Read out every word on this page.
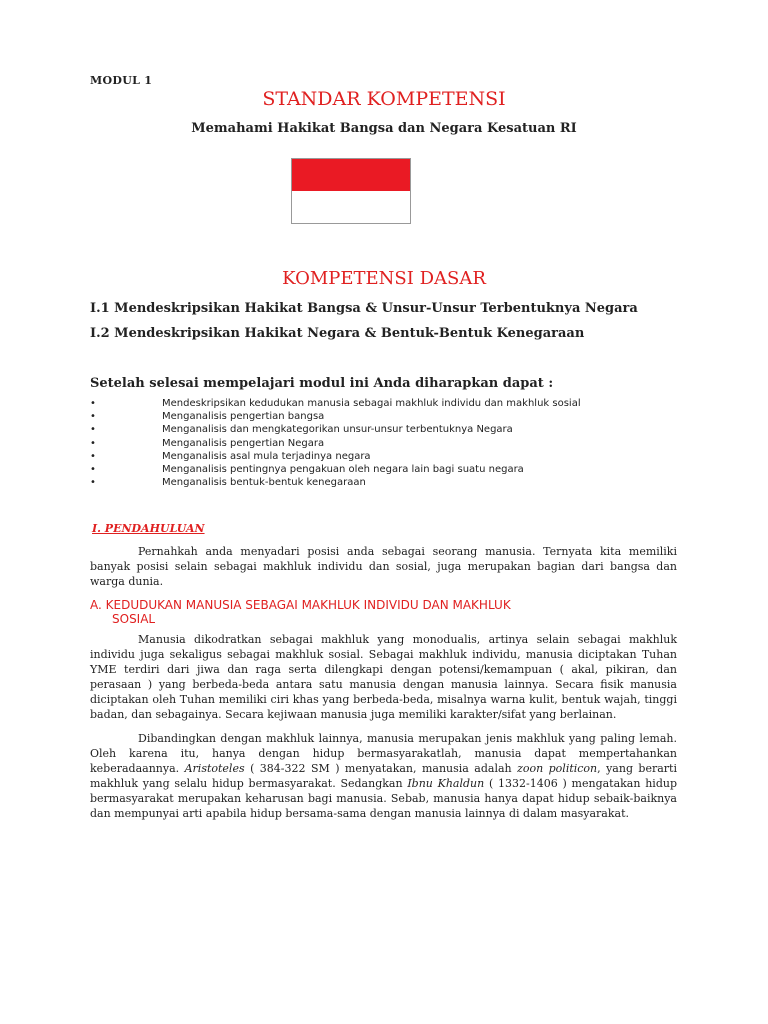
MODUL 1
STANDAR KOMPETENSI
Memahami Hakikat Bangsa dan Negara Kesatuan RI
KOMPETENSI DASAR
I.1 Mendeskripsikan Hakikat Bangsa & Unsur-Unsur Terbentuknya Negara
I.2 Mendeskripsikan Hakikat Negara & Bentuk-Bentuk Kenegaraan
Setelah selesai mempelajari modul ini Anda diharapkan dapat :
•	Mendeskripsikan kedudukan manusia sebagai makhluk individu dan makhluk sosial
•	Menganalisis pengertian bangsa
•	Menganalisis dan mengkategorikan unsur-unsur terbentuknya Negara
•	Menganalisis pengertian Negara
•	Menganalisis asal mula terjadinya negara
•	Menganalisis pentingnya pengakuan oleh negara lain bagi suatu negara
•	Menganalisis bentuk-bentuk kenegaraan
I. PENDAHULUAN
Pernahkah anda menyadari posisi anda sebagai seorang manusia. Ternyata kita memiliki banyak posisi selain sebagai makhluk individu dan sosial, juga merupakan bagian dari bangsa dan warga dunia.
A. KEDUDUKAN MANUSIA SEBAGAI MAKHLUK INDIVIDU DAN MAKHLUK
SOSIAL
Manusia dikodratkan sebagai makhluk yang monodualis, artinya selain sebagai makhluk individu juga sekaligus sebagai makhluk sosial. Sebagai makhluk individu, manusia diciptakan Tuhan YME terdiri dari jiwa dan raga serta dilengkapi dengan potensi/kemampuan ( akal, pikiran, dan perasaan ) yang berbeda-beda antara satu manusia dengan manusia lainnya. Secara fisik manusia diciptakan oleh Tuhan memiliki ciri khas yang berbeda-beda, misalnya warna kulit, bentuk wajah, tinggi badan, dan sebagainya. Secara kejiwaan manusia juga memiliki karakter/sifat yang berlainan.
Dibandingkan dengan makhluk lainnya, manusia merupakan jenis makhluk yang paling lemah. Oleh karena itu, hanya dengan hidup bermasyarakatlah, manusia dapat mempertahankan keberadaannya. Aristoteles ( 384-322 SM ) menyatakan, manusia adalah zoon politicon, yang berarti makhluk yang selalu hidup bermasyarakat. Sedangkan Ibnu Khaldun ( 1332-1406 ) mengatakan hidup bermasyarakat merupakan keharusan bagi manusia. Sebab, manusia hanya dapat hidup sebaik-baiknya dan mempunyai arti apabila hidup bersama-sama dengan manusia lainnya di dalam masyarakat.
